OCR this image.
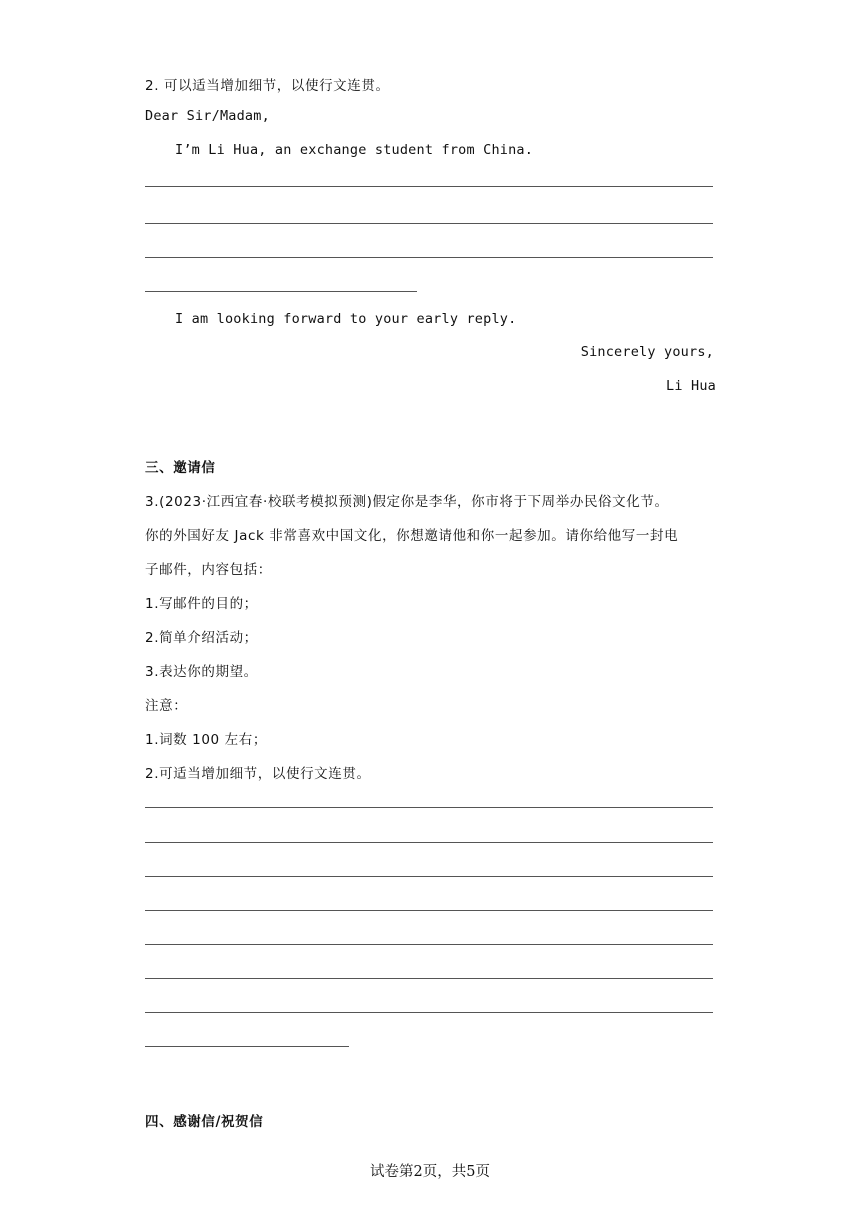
2. 可以适当增加细节，以使行文连贯。
Dear Sir/Madam,
I’m Li Hua, an exchange student from China.
I am looking forward to your early reply.
Sincerely yours,
Li Hua
三、邀请信
3.(2023·江西宜春·校联考模拟预测)假定你是李华，你市将于下周举办民俗文化节。
你的外国好友 Jack 非常喜欢中国文化，你想邀请他和你一起参加。请你给他写一封电
子邮件，内容包括：
1.写邮件的目的；
2.简单介绍活动；
3.表达你的期望。
注意：
1.词数 100 左右；
2.可适当增加细节，以使行文连贯。
四、感谢信/祝贺信
试卷第2页，共5页
